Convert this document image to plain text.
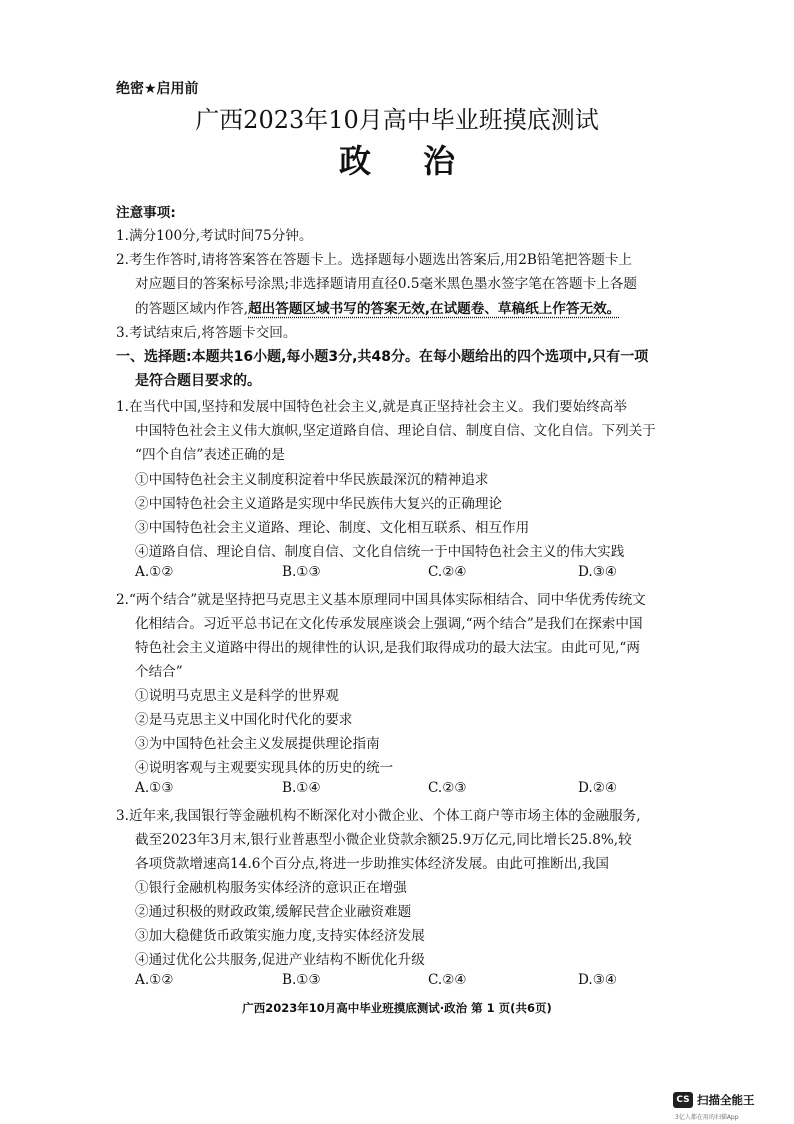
绝密★启用前
广西2023年10月高中毕业班摸底测试
政治
注意事项:
1.满分100分,考试时间75分钟。
2.考生作答时,请将答案答在答题卡上。选择题每小题选出答案后,用2B铅笔把答题卡上
对应题目的答案标号涂黑;非选择题请用直径0.5毫米黑色墨水签字笔在答题卡上各题
的答题区域内作答,超出答题区域书写的答案无效,在试题卷、草稿纸上作答无效。
3.考试结束后,将答题卡交回。
一、选择题:本题共16小题,每小题3分,共48分。在每小题给出的四个选项中,只有一项
是符合题目要求的。
1.在当代中国,坚持和发展中国特色社会主义,就是真正坚持社会主义。我们要始终高举
中国特色社会主义伟大旗帜,坚定道路自信、理论自信、制度自信、文化自信。下列关于
“四个自信”表述正确的是
①中国特色社会主义制度积淀着中华民族最深沉的精神追求
②中国特色社会主义道路是实现中华民族伟大复兴的正确理论
③中国特色社会主义道路、理论、制度、文化相互联系、相互作用
④道路自信、理论自信、制度自信、文化自信统一于中国特色社会主义的伟大实践
A.①②	B.①③	C.②④	D.③④
2.“两个结合”就是坚持把马克思主义基本原理同中国具体实际相结合、同中华优秀传统文
化相结合。习近平总书记在文化传承发展座谈会上强调,“两个结合”是我们在探索中国
特色社会主义道路中得出的规律性的认识,是我们取得成功的最大法宝。由此可见,“两
个结合”
①说明马克思主义是科学的世界观
②是马克思主义中国化时代化的要求
③为中国特色社会主义发展提供理论指南
④说明客观与主观要实现具体的历史的统一
A.①③	B.①④	C.②③	D.②④
3.近年来,我国银行等金融机构不断深化对小微企业、个体工商户等市场主体的金融服务,
截至2023年3月末,银行业普惠型小微企业贷款余额25.9万亿元,同比增长25.8%,较
各项贷款增速高14.6个百分点,将进一步助推实体经济发展。由此可推断出,我国
①银行金融机构服务实体经济的意识正在增强
②通过积极的财政政策,缓解民营企业融资难题
③加大稳健货币政策实施力度,支持实体经济发展
④通过优化公共服务,促进产业结构不断优化升级
A.①②	B.①③	C.②④	D.③④
广西2023年10月高中毕业班摸底测试·政治 第 1 页(共6页)
CS 扫描全能王
3亿人都在用的扫描App
